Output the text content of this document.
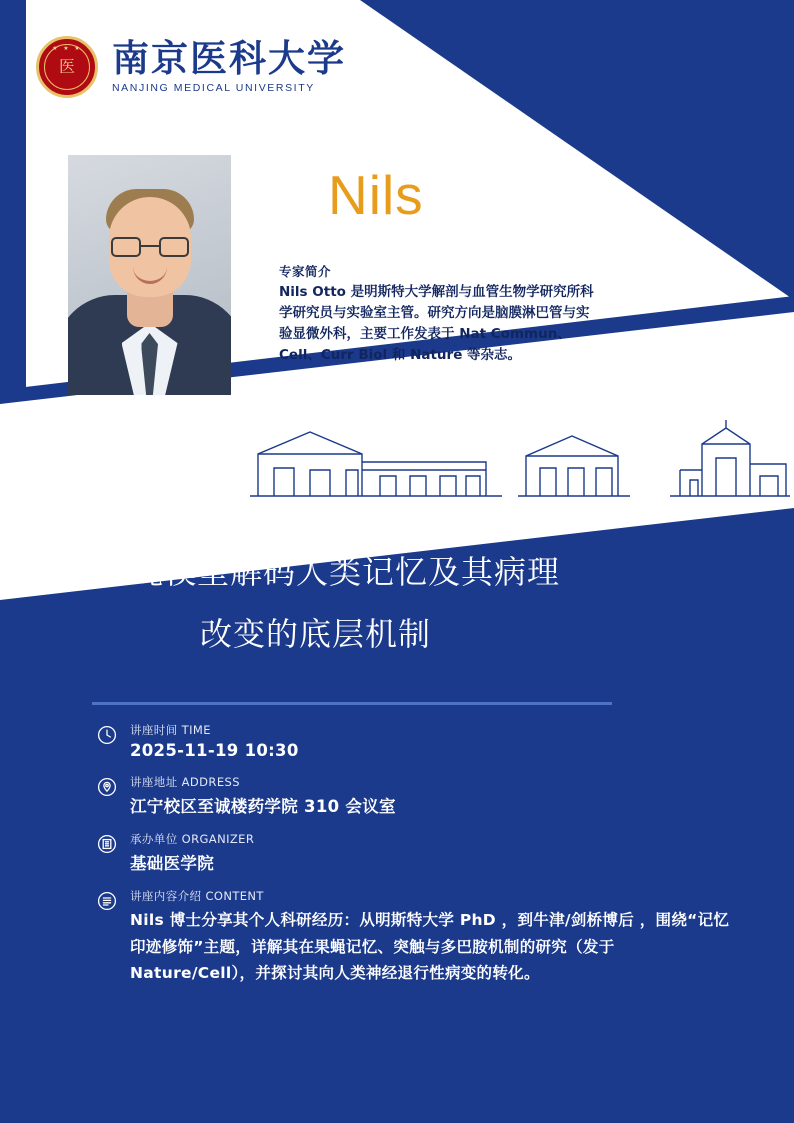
★ ★ ★
医	南京医科大学
NANJING MEDICAL UNIVERSITY
Nils
专家简介
Nils Otto 是明斯特大学解剖与血管生物学研究所科学研究员与实验室主管。研究方向是脑膜淋巴管与实验显微外科，主要工作发表于 Nat Commun、Cell、Curr Biol 和 Nature 等杂志。
使用果蝇模型解码人类记忆及其病理
改变的底层机制
讲座时间 TIME
2025-11-19 10:30
讲座地址 ADDRESS
江宁校区至诚楼药学院 310 会议室
承办单位 ORGANIZER
基础医学院
讲座内容介绍 CONTENT
Nils 博士分享其个人科研经历：从明斯特大学 PhD ，到牛津/剑桥博后 ，围绕“记忆印迹修饰”主题，详解其在果蝇记忆、突触与多巴胺机制的研究（发于 Nature/Cell），并探讨其向人类神经退行性病变的转化。
